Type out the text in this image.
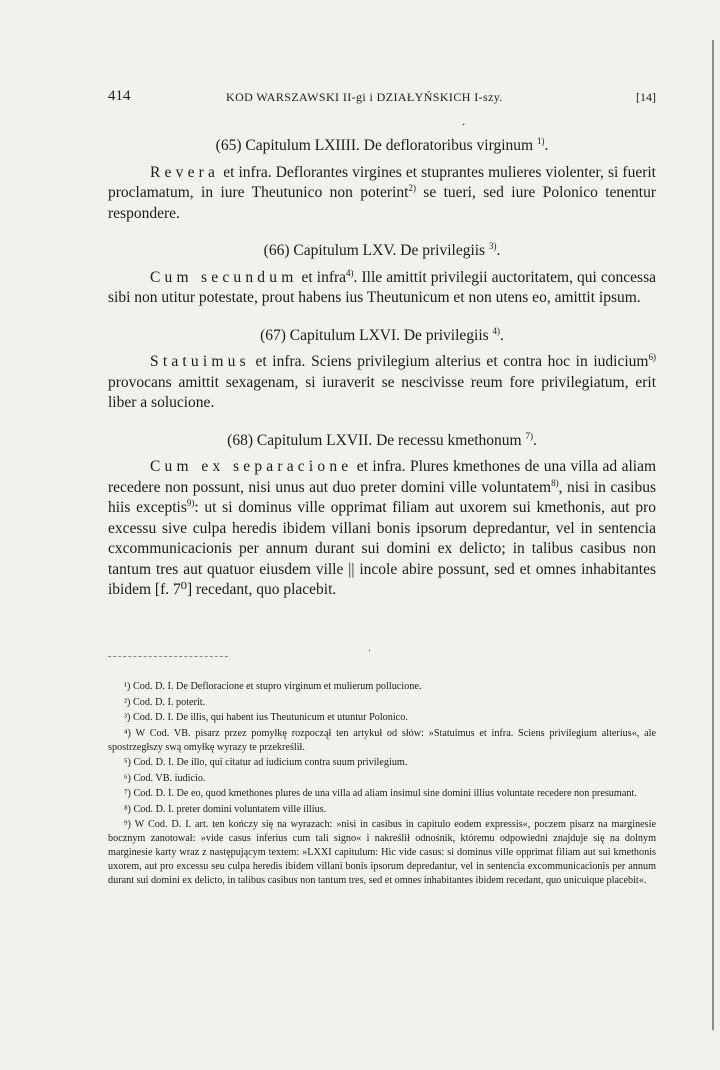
414	KOD WARSZAWSKI II-gi i DZIAŁYŃSKICH I-szy.	[14]
·
(65) Capitulum LXIIII. De defloratoribus virginum $^{1)}$.

Revera et infra. Deflorantes virgines et stuprantes mulieres violenter, si fuerit proclamatum, in iure Theutunico non poterint$^{2)}$ se tueri, sed iure Polonico tenentur respondere.

(66) Capitulum LXV. De privilegiis $^{3)}$.

Cum secundum et infra$^{4)}$. Ille amittit privilegii auctoritatem, qui concessa sibi non utitur potestate, prout habens ius Theutunicum et non utens eo, amittit ipsum.

(67) Capitulum LXVI. De privilegiis $^{4)}$.

Statuimus et infra. Sciens privilegium alterius et contra hoc in iudicium$^{6)}$ provocans amittit sexagenam, si iuraverit se nescivisse reum fore privilegiatum, erit liber a solucione.

(68) Capitulum LXVII. De recessu kmethonum $^{7)}$.

Cum ex separacione et infra. Plures kmethones de una villa ad aliam recedere non possunt, nisi unus aut duo preter domini ville voluntatem$^{8)}$, nisi in casibus hiis exceptis$^{9)}$: ut si dominus ville opprimat filiam aut uxorem sui kmethonis, aut pro excessu sive culpa heredis ibidem villani bonis ipsorum depredantur, vel in sentencia cxcommunicacionis per annum durant sui domini ex delicto; in talibus casibus non tantum tres aut quatuor eiusdem ville || incole abire possunt, sed et omnes inhabitantes ibidem [f. 7⁰] recedant, quo placebit.

·
¹) Cod. D. I. De Defloracione et stupro virginum et mulierum pollucione.
²) Cod. D. I. poterit.
³) Cod. D. I. De illis, qui habent ius Theutunicum et utuntur Polonico.
⁴) W Cod. VB. pisarz przez pomyłkę rozpoczął ten artykuł od słów: »Statuimus et infra. Sciens privilegium alterius«, ale spostrzegłszy swą omyłkę wyrazy te przekreślił.
⁵) Cod. D. I. De illo, qui citatur ad iudicium contra suum privilegium.
⁶) Cod. VB. iudicio.
⁷) Cod. D. I. De eo, quod kmethones plures de una villa ad aliam insimul sine domini illius voluntate recedere non presumant.
⁸) Cod. D. I. preter domini voluntatem ville illius.
⁹) W Cod. D. I. art. ten kończy się na wyrazach: »nisi in casibus in capitulo eodem expressis«, poczem pisarz na marginesie bocznym zanotował: »vide casus inferius cum tali signo« i nakreślił odnośnik, któremu odpowiedni znajduje się na dolnym marginesie karty wraz z następującym textem: »LXXI capitulum: Hic vide casus: si dominus ville opprimat filiam aut sui kmethonis uxorem, aut pro excessu seu culpa heredis ibidem villani bonis ipsorum depredantur, vel in sentencia excommunicacionis per annum durant sui domini ex delicto, in talibus casibus non tantum tres, sed et omnes inhabitantes ibidem recedant, quo unicuique placebit«.
